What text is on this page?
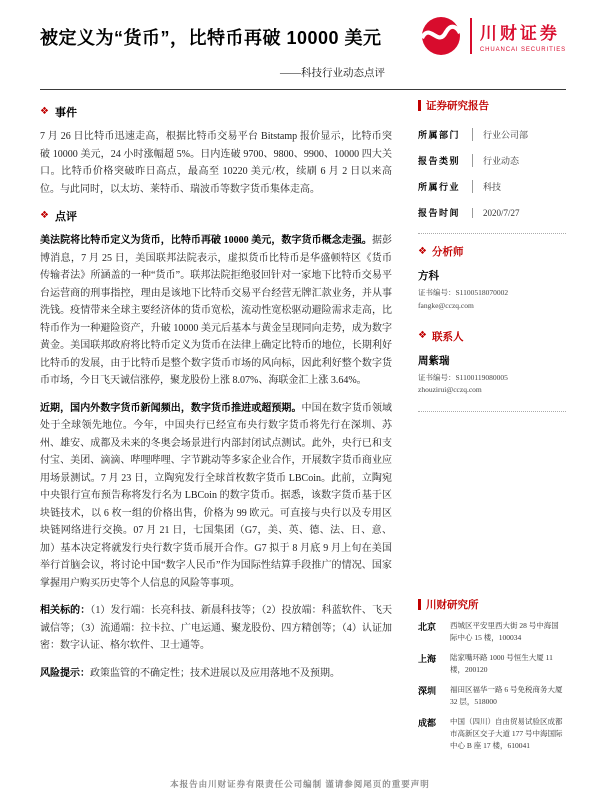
被定义为“货币”，比特币再破 10000 美元	川财证券
CHUANCAI SECURITIES
——科技行业动态点评
❖ 事件

7 月 26 日比特币迅速走高，根据比特币交易平台 Bitstamp 报价显示，比特币突破 10000 美元，24 小时涨幅超 5%。日内连破 9700、9800、9900、10000 四大关口。比特币价格突破昨日高点，最高至 10220 美元/枚，续刷 6 月 2 日以来高位。与此同时，以太坊、莱特币、瑞波币等数字货币集体走高。

❖ 点评

美法院将比特币定义为货币，比特币再破 10000 美元，数字货币概念走强。据彭博消息，7 月 25 日，美国联邦法院表示，虚拟货币比特币是华盛顿特区《货币传输者法》所涵盖的一种“货币”。联邦法院拒绝驳回针对一家地下比特币交易平台运营商的刑事指控，理由是该地下比特币交易平台经营无牌汇款业务，并从事洗钱。疫情带来全球主要经济体的货币宽松，流动性宽松驱动避险需求走高，比特币作为一种避险资产，升破 10000 美元后基本与黄金呈现同向走势，成为数字黄金。美国联邦政府将比特币定义为货币在法律上确定比特币的地位，长期利好比特币的发展，由于比特币是整个数字货币市场的风向标，因此利好整个数字货币市场，今日飞天诚信涨停，聚龙股份上涨 8.07%、海联金汇上涨 3.64%。

近期，国内外数字货币新闻频出，数字货币推进或超预期。中国在数字货币领域处于全球领先地位。今年，中国央行已经宣布央行数字货币将先行在深圳、苏州、雄安、成都及未来的冬奥会场景进行内部封闭试点测试。此外，央行已和支付宝、美团、滴滴、哔哩哔哩、字节跳动等多家企业合作，开展数字货币商业应用场景测试。7 月 23 日，立陶宛发行全球首枚数字货币 LBCoin。此前，立陶宛中央银行宣布预告称将发行名为 LBCoin 的数字货币。据悉，该数字货币基于区块链技术，以 6 枚一组的价格出售，价格为 99 欧元。可直接与央行以及专用区块链网络进行交换。07 月 21 日，七国集团（G7，美、英、德、法、日、意、加）基本决定将就发行央行数字货币展开合作。G7 拟于 8 月底 9 月上旬在美国举行首脑会议，将讨论中国“数字人民币”作为国际性结算手段推广的情况、国家掌握用户购买历史等个人信息的风险等事项。

相关标的：（1）发行端：长亮科技、新晨科技等；（2）投放端：科蓝软件、飞天诚信等；（3）流通端：拉卡拉、广电运通、聚龙股份、四方精创等；（4）认证加密：数字认证、格尔软件、卫士通等。

风险提示：政策监管的不确定性；技术进展以及应用落地不及预期。

证券研究报告
所属部门	行业公司部
报告类别	行业动态
所属行业	科技
报告时间	2020/7/27
❖ 分析师
方科
证书编号：S1100518070002
fangke@cczq.com
❖ 联系人
周紫瑞
证书编号：S1100119080005
zhouzirui@cczq.com
川财研究所
北京	西城区平安里西大街 28 号中海国际中心 15 楼，100034
上海	陆家嘴环路 1000 号恒生大厦 11 楼，200120
深圳	福田区福华一路 6 号免税商务大厦 32 层，518000
成都	中国（四川）自由贸易试验区成都市高新区交子大道 177 号中海国际中心 B 座 17 楼，610041
本报告由川财证券有限责任公司编制 谨请参阅尾页的重要声明
